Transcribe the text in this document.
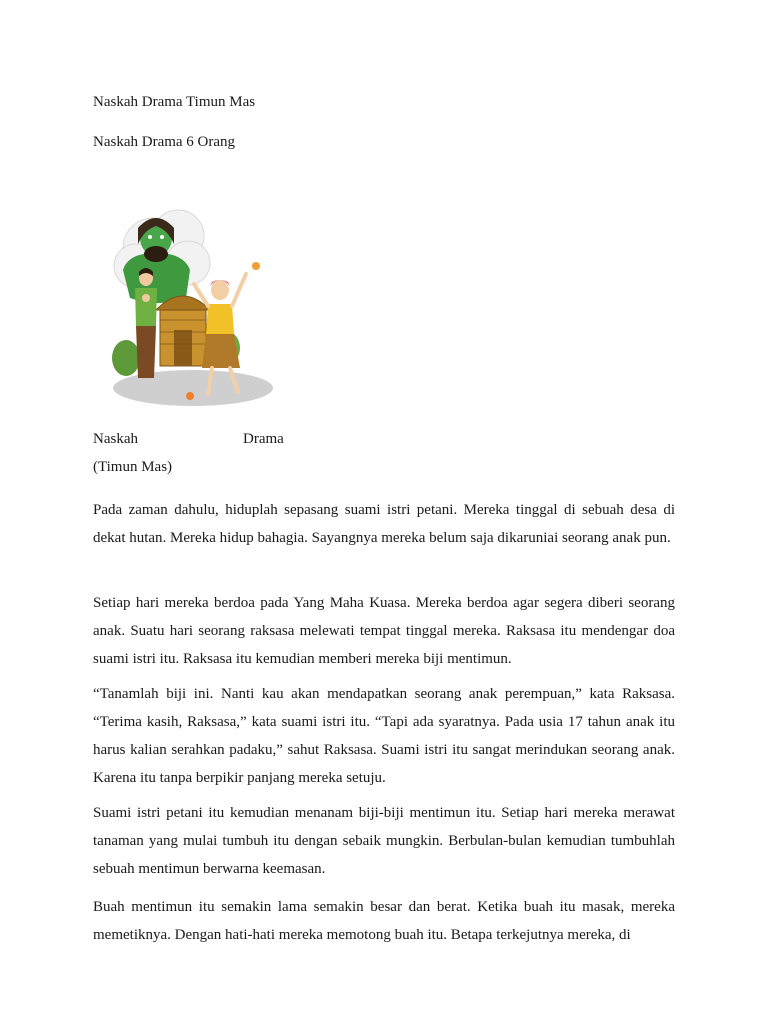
Naskah Drama Timun Mas
Naskah Drama 6 Orang
Naskah	Drama
(Timun Mas)

Pada zaman dahulu, hiduplah sepasang suami istri petani. Mereka tinggal di sebuah desa di dekat hutan. Mereka hidup bahagia. Sayangnya mereka belum saja dikaruniai seorang anak pun.

Setiap hari mereka berdoa pada Yang Maha Kuasa. Mereka berdoa agar segera diberi seorang anak. Suatu hari seorang raksasa melewati tempat tinggal mereka. Raksasa itu mendengar doa suami istri itu. Raksasa itu kemudian memberi mereka biji mentimun.

“Tanamlah biji ini. Nanti kau akan mendapatkan seorang anak perempuan,” kata Raksasa. “Terima kasih, Raksasa,” kata suami istri itu. “Tapi ada syaratnya. Pada usia 17 tahun anak itu harus kalian serahkan padaku,” sahut Raksasa. Suami istri itu sangat merindukan seorang anak. Karena itu tanpa berpikir panjang mereka setuju.

Suami istri petani itu kemudian menanam biji-biji mentimun itu. Setiap hari mereka merawat tanaman yang mulai tumbuh itu dengan sebaik mungkin. Berbulan-bulan kemudian tumbuhlah sebuah mentimun berwarna keemasan.

Buah mentimun itu semakin lama semakin besar dan berat. Ketika buah itu masak, mereka memetiknya. Dengan hati-hati mereka memotong buah itu. Betapa terkejutnya mereka, di
